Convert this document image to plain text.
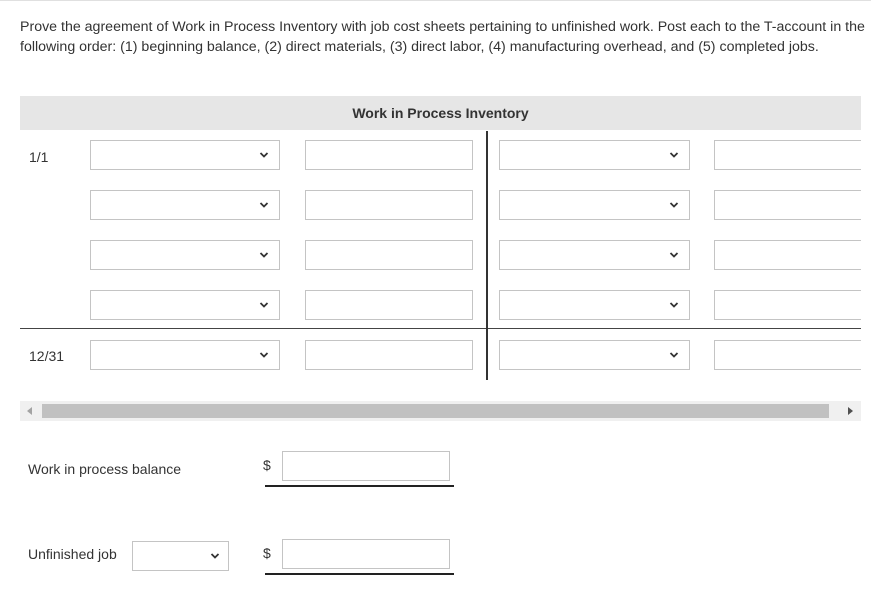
Prove the agreement of Work in Process Inventory with job cost sheets pertaining to unfinished work. Post each to the T-account in the following order: (1) beginning balance, (2) direct materials, (3) direct labor, (4) manufacturing overhead, and (5) completed jobs.
Work in Process Inventory
1/1
12/31
Work in process balance	$
Unfinished job	$
